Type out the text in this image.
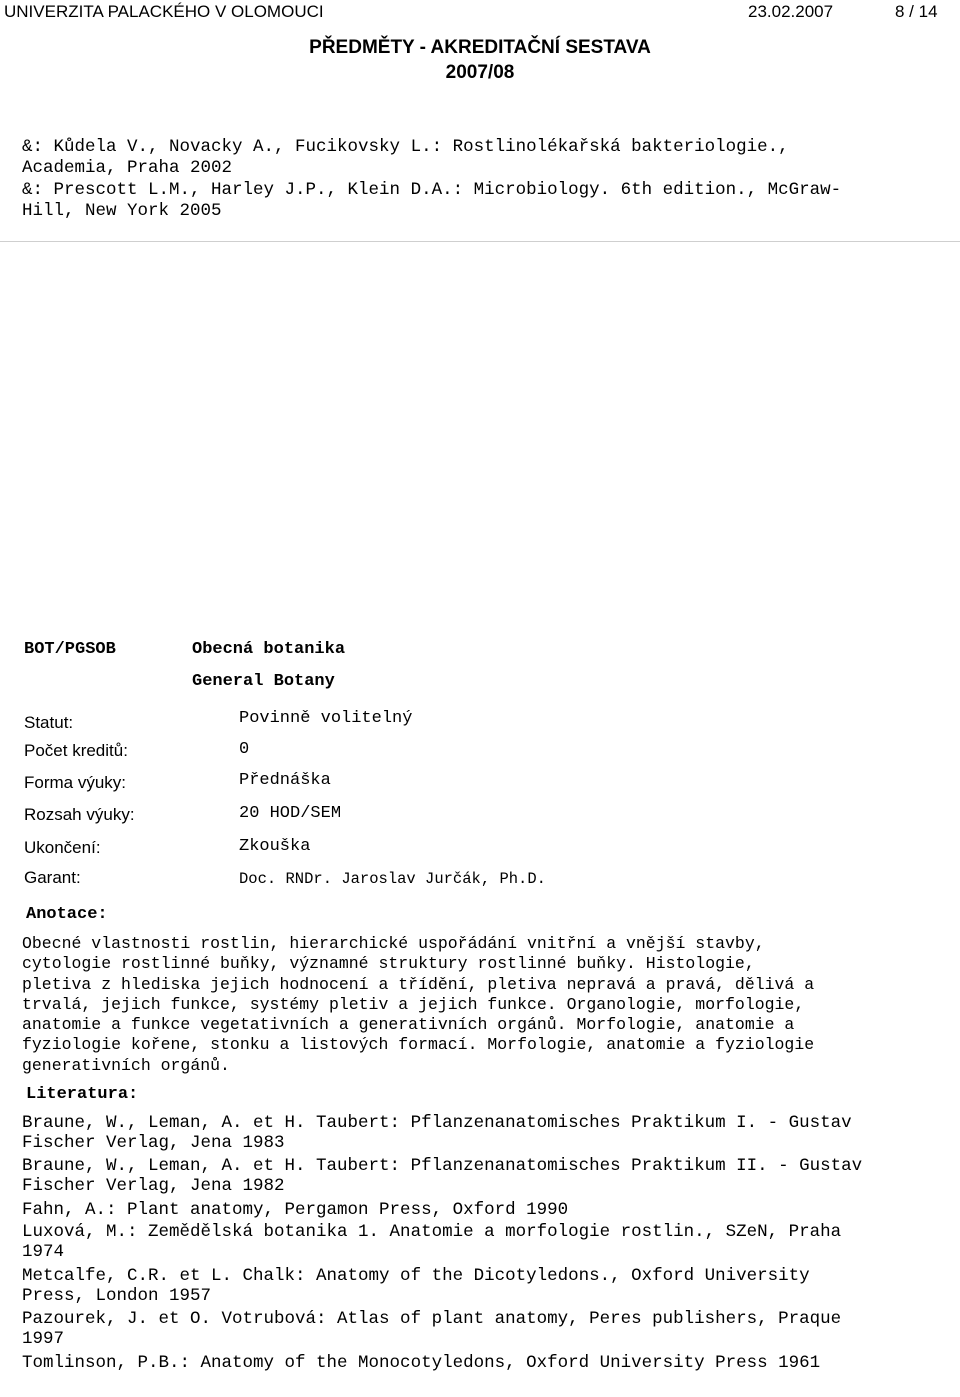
UNIVERZITA PALACKÉHO V OLOMOUCI	23.02.2007	8 / 14
PŘEDMĚTY - AKREDITAČNÍ SESTAVA
2007/08
&: Kůdela V., Novacky A., Fucikovsky L.: Rostlinolékařská bakteriologie.,
Academia, Praha 2002
&: Prescott L.M., Harley J.P., Klein D.A.: Microbiology. 6th edition., McGraw-
Hill, New York 2005
BOT/PGSOB	Obecná botanika
General Botany
Statut:	Povinně volitelný
Počet kreditů:	0
Forma výuky:	Přednáška
Rozsah výuky:	20 HOD/SEM
Ukončení:	Zkouška
Garant:	Doc. RNDr. Jaroslav Jurčák, Ph.D.
Anotace:
Obecné vlastnosti rostlin, hierarchické uspořádání vnitřní a vnější stavby,
cytologie rostlinné buňky, významné struktury rostlinné buňky. Histologie,
pletiva z hlediska jejich hodnocení a třídění, pletiva nepravá a pravá, dělivá a
trvalá, jejich funkce, systémy pletiv a jejich funkce. Organologie, morfologie,
anatomie a funkce vegetativních a generativních orgánů. Morfologie, anatomie a
fyziologie kořene, stonku a listových formací. Morfologie, anatomie a fyziologie
generativních orgánů.
Literatura:
Braune, W., Leman, A. et H. Taubert: Pflanzenanatomisches Praktikum I. - Gustav
Fischer Verlag, Jena 1983
Braune, W., Leman, A. et H. Taubert: Pflanzenanatomisches Praktikum II. - Gustav
Fischer Verlag, Jena 1982
Fahn, A.: Plant anatomy, Pergamon Press, Oxford 1990
Luxová, M.: Zemědělská botanika 1. Anatomie a morfologie rostlin., SZeN, Praha
1974
Metcalfe, C.R. et L. Chalk: Anatomy of the Dicotyledons., Oxford University
Press, London 1957
Pazourek, J. et O. Votrubová: Atlas of plant anatomy, Peres publishers, Praque
1997
Tomlinson, P.B.: Anatomy of the Monocotyledons, Oxford University Press 1961
